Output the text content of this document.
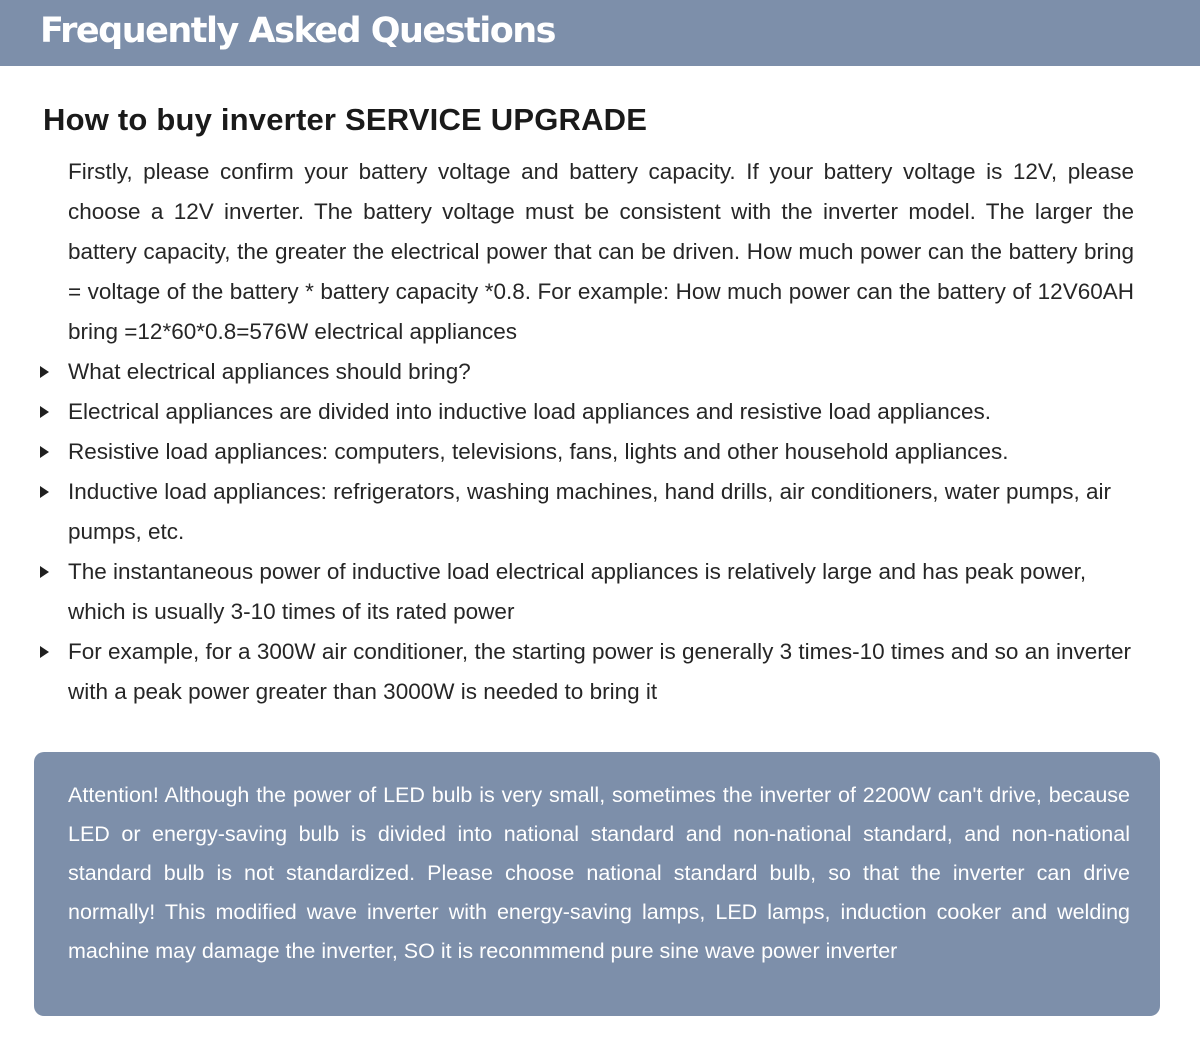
Frequently Asked Questions
How to buy inverter SERVICE UPGRADE

Firstly, please confirm your battery voltage and battery capacity. If your battery voltage is 12V, please choose a 12V inverter. The battery voltage must be consistent with the inverter model. The larger the battery capacity, the greater the electrical power that can be driven. How much power can the battery bring = voltage of the battery * battery capacity *0.8. For example: How much power can the battery of 12V60AH bring =12*60*0.8=576W electrical appliances

What electrical appliances should bring?
Electrical appliances are divided into inductive load appliances and resistive load appliances.
Resistive load appliances: computers, televisions, fans, lights and other household appliances.
Inductive load appliances: refrigerators, washing machines, hand drills, air conditioners, water pumps, air pumps, etc.
The instantaneous power of inductive load electrical appliances is relatively large and has peak power, which is usually 3-10 times of its rated power
For example, for a 300W air conditioner, the starting power is generally 3 times-10 times and so an inverter with a peak power greater than 3000W is needed to bring it

Attention! Although the power of LED bulb is very small, sometimes the inverter of 2200W can't drive, because LED or energy-saving bulb is divided into national standard and non-national standard, and non-national standard bulb is not standardized. Please choose national standard bulb, so that the inverter can drive normally! This modified wave inverter with energy-saving lamps, LED lamps, induction cooker and welding machine may damage the inverter, SO it is reconmmend pure sine wave power inverter
